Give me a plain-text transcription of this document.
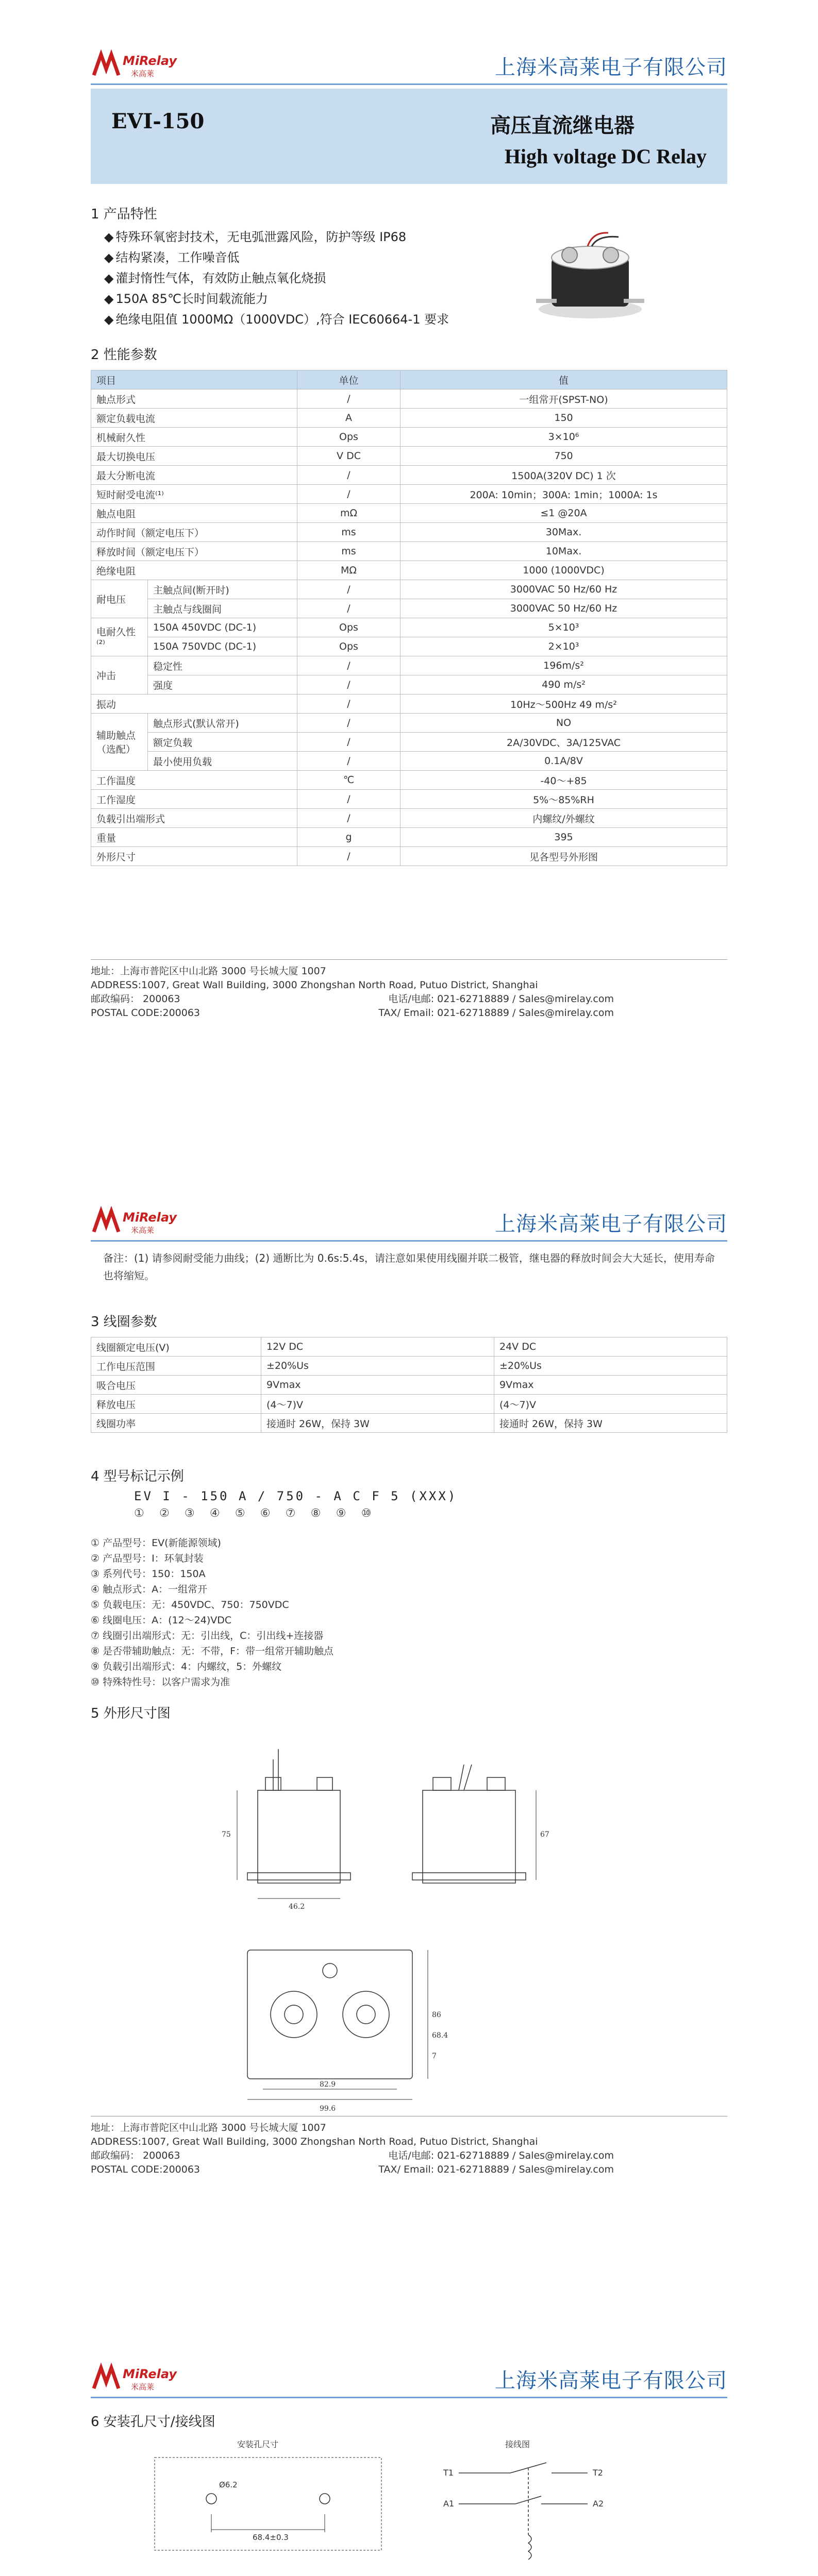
MiRelay
米高莱	上海米高莱电子有限公司
EVI-150	高压直流继电器
High voltage DC Relay
1 产品特性
◆ 特殊环氧密封技术，无电弧泄露风险，防护等级 IP68
◆ 结构紧凑，工作噪音低
◆ 灌封惰性气体，有效防止触点氧化烧损
◆ 150A 85℃长时间载流能力
◆ 绝缘电阻值 1000MΩ（1000VDC）,符合 IEC60664-1 要求
2 性能参数
项目		单位	值
触点形式		/	一组常开(SPST-NO)
额定负载电流		A	150
机械耐久性		Ops	3×10⁶
最大切换电压		V DC	750
最大分断电流		/	1500A(320V DC) 1 次
短时耐受电流⁽¹⁾		/	200A: 10min；300A: 1min；1000A: 1s
触点电阻		mΩ	≤1 @20A
动作时间（额定电压下）		ms	30Max.
释放时间（额定电压下）		ms	10Max.
绝缘电阻		MΩ	1000 (1000VDC)
耐电压	主触点间(断开时)	/	3000VAC 50 Hz/60 Hz
	主触点与线圈间	/	3000VAC 50 Hz/60 Hz
电耐久性⁽²⁾	150A 450VDC (DC-1)	Ops	5×10³
	150A 750VDC (DC-1)	Ops	2×10³
冲击	稳定性	/	196m/s²
	强度	/	490 m/s²
振动		/	10Hz～500Hz 49 m/s²
辅助触点（选配）	触点形式(默认常开)	/	NO
	额定负载	/	2A/30VDC、3A/125VAC
	最小使用负载	/	0.1A/8V
工作温度		℃	-40～+85
工作湿度		/	5%～85%RH
负载引出端形式		/	内螺纹/外螺纹
重量		g	395
外形尺寸		/	见各型号外形图
地址：上海市普陀区中山北路 3000 号长城大厦 1007
ADDRESS:1007, Great Wall Building, 3000 Zhongshan North Road, Putuo District, Shanghai
邮政编码： 200063	电话/电邮: 021-62718889 / Sales@mirelay.com
POSTAL CODE:200063	TAX/ Email: 021-62718889 / Sales@mirelay.com
MiRelay
米高莱	上海米高莱电子有限公司
备注：(1) 请参阅耐受能力曲线；(2) 通断比为 0.6s:5.4s，请注意如果使用线圈并联二极管，继电器的释放时间会大大延长，使用寿命也将缩短。
3 线圈参数
线圈额定电压(V)	12V DC	24V DC
工作电压范围	±20%Us	±20%Us
吸合电压	9Vmax	9Vmax
释放电压	(4～7)V	(4～7)V
线圈功率	接通时 26W，保持 3W	接通时 26W，保持 3W
4 型号标记示例
EV I - 150 A / 750 - A C F 5 (XXX)
① ② ③ ④ ⑤ ⑥ ⑦ ⑧ ⑨ ⑩
① 产品型号：EV(新能源领域)
② 产品型号：I：环氧封装
③ 系列代号：150：150A
④ 触点形式：A：一组常开
⑤ 负载电压：无：450VDC、750：750VDC
⑥ 线圈电压：A：(12～24)VDC
⑦ 线圈引出端形式：无：引出线，C：引出线+连接器
⑧ 是否带辅助触点：无：不带，F：带一组常开辅助触点
⑨ 负载引出端形式：4：内螺纹，5：外螺纹
⑩ 特殊特性号：以客户需求为准
5 外形尺寸图
46.2
75	67
99.6
82.9
86
68.4
7
地址：上海市普陀区中山北路 3000 号长城大厦 1007
ADDRESS:1007, Great Wall Building, 3000 Zhongshan North Road, Putuo District, Shanghai
邮政编码： 200063	电话/电邮: 021-62718889 / Sales@mirelay.com
POSTAL CODE:200063	TAX/ Email: 021-62718889 / Sales@mirelay.com
MiRelay
米高莱	上海米高莱电子有限公司
6 安装孔尺寸/接线图
安装孔尺寸
68.4±0.3
Ø6.2
接线图
T1	T2
A1	A2
